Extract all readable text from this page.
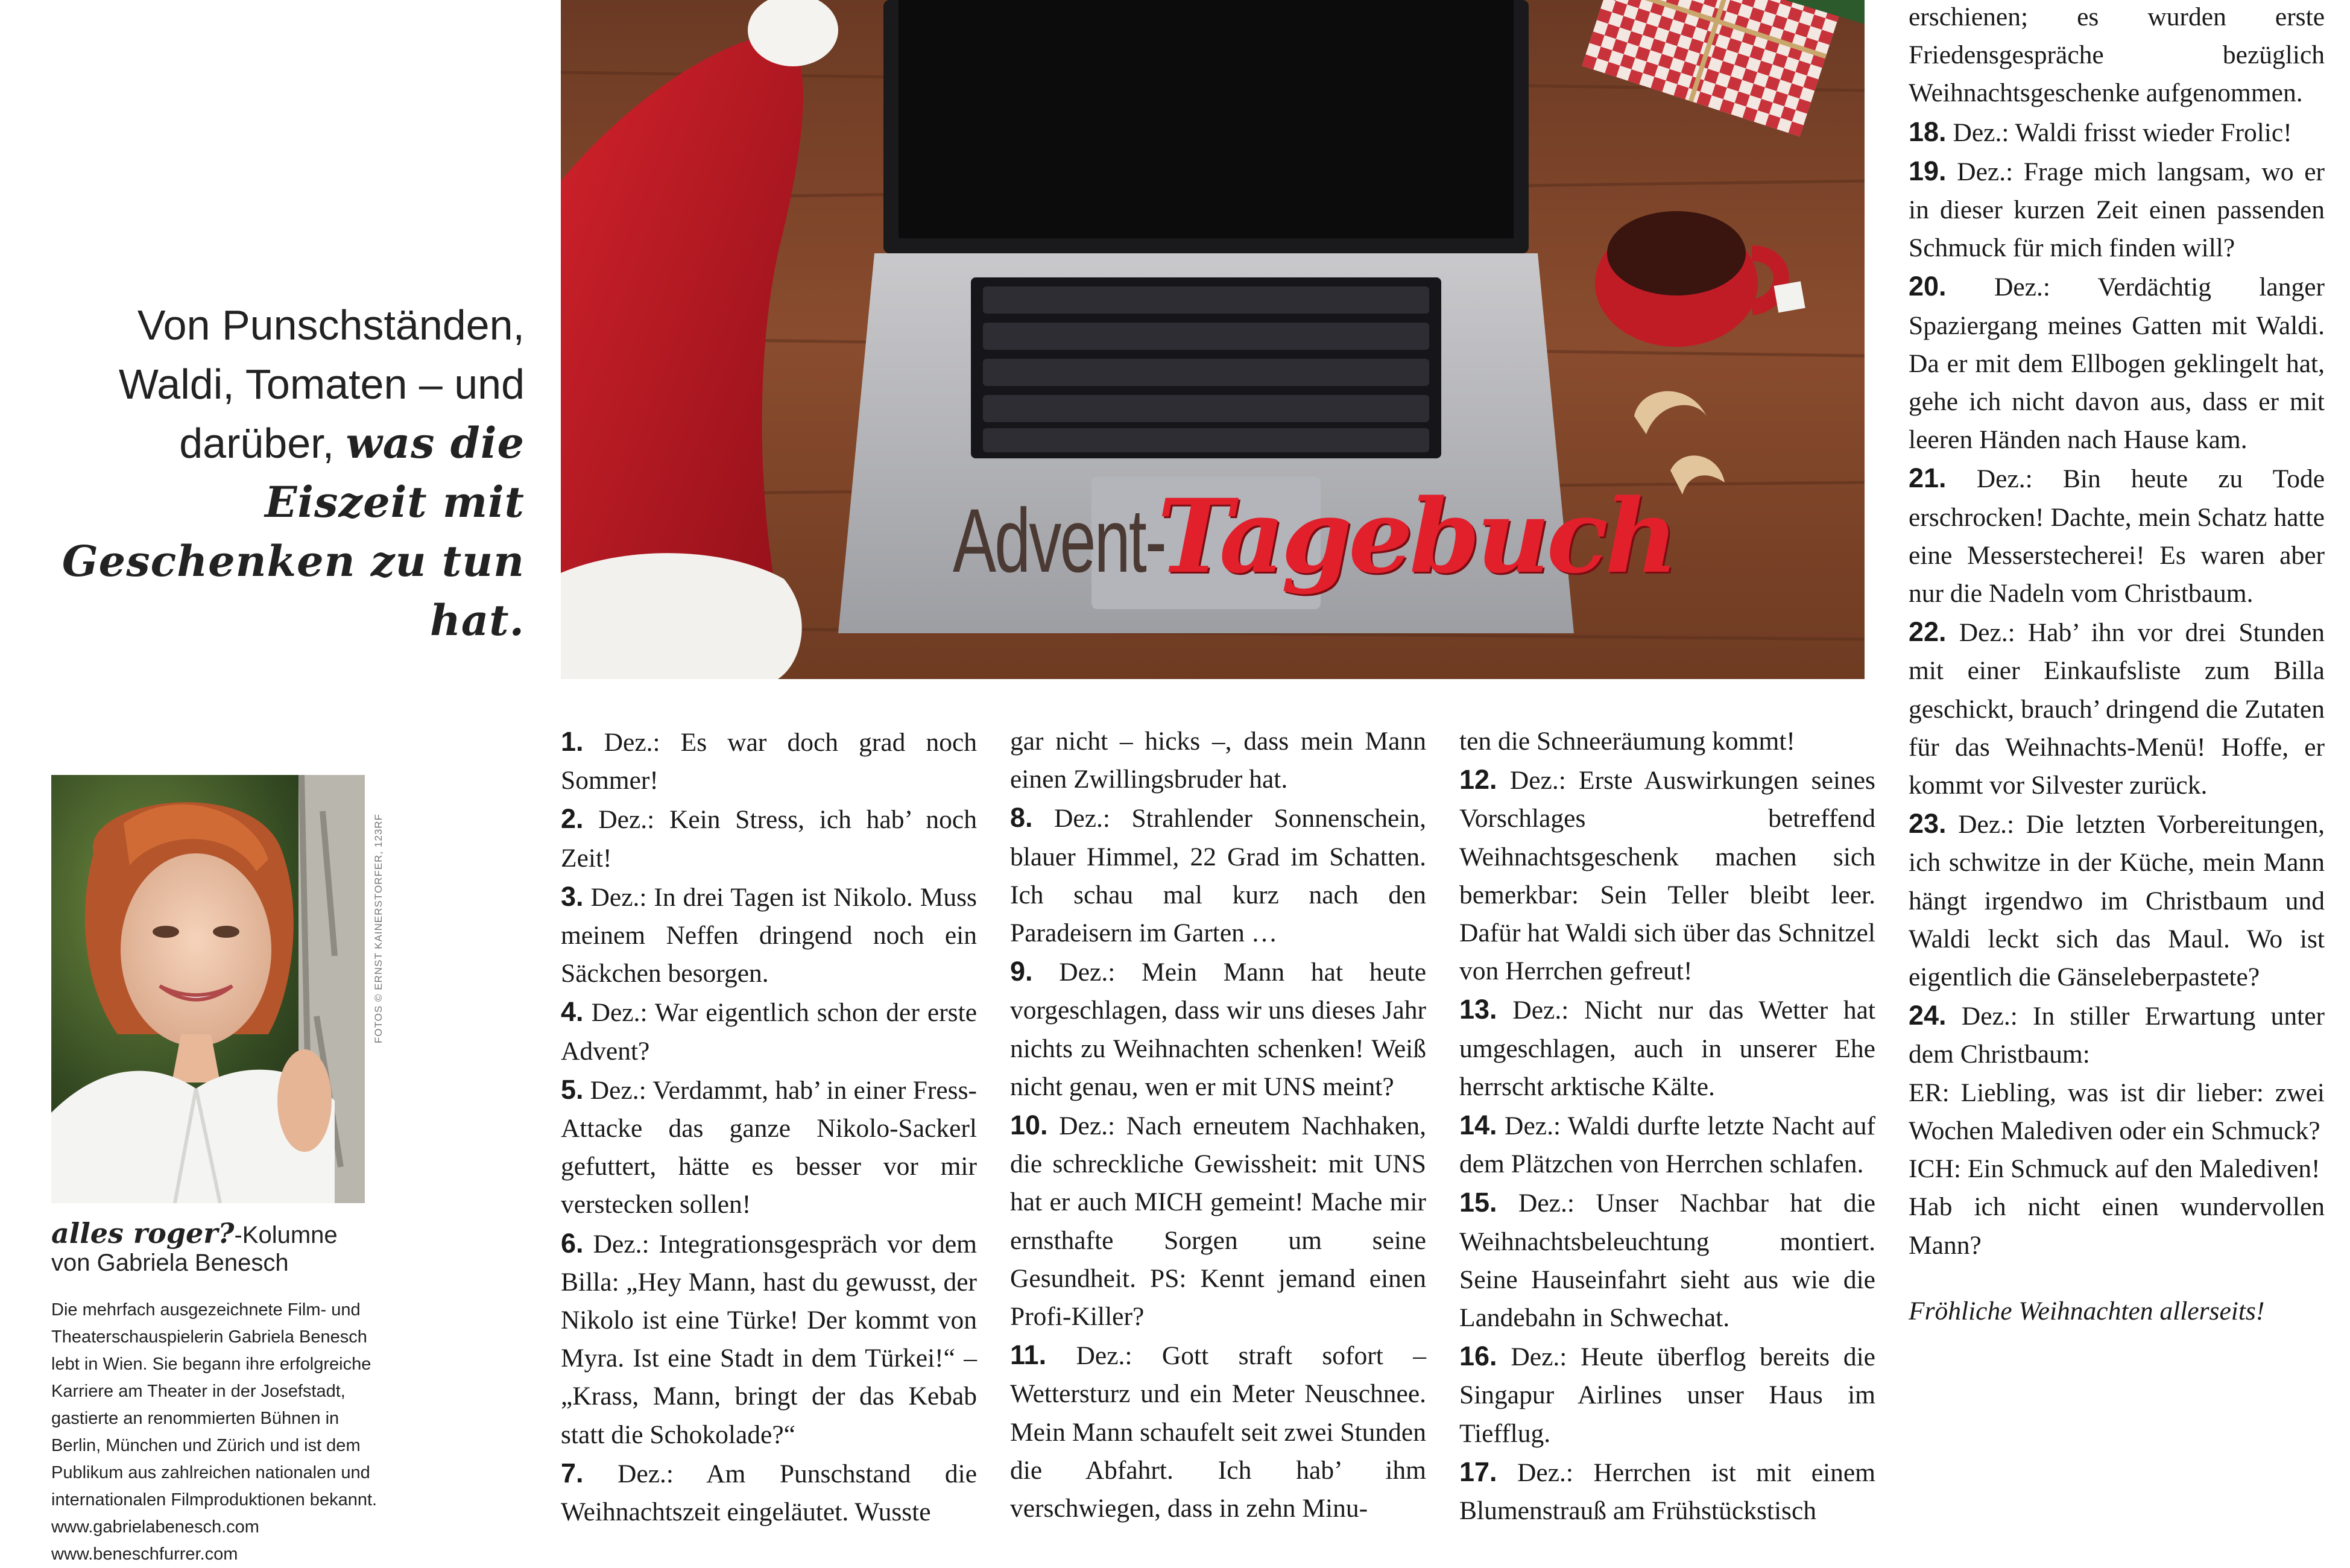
Von Punschständen, Waldi, Tomaten – und darüber, was die Eiszeit mit Geschenken zu tun hat.
FOTOS © ERNST KAINERSTORFER, 123RF
alles roger?-Kolumne
von Gabriela Benesch

Die mehrfach ausgezeichnete Film- und Theaterschauspielerin Gabriela Benesch lebt in Wien. Sie begann ihre erfolgreiche Karriere am Theater in der Josefstadt, gastierte an renommierten Bühnen in Berlin, München und Zürich und ist dem Publikum aus zahlreichen nationalen und internationalen Filmproduktionen bekannt.

www.gabrielabenesch.com

www.beneschfurrer.com

Advent-
Tagebuch

1. Dez.: Es war doch grad noch Sommer!

2. Dez.: Kein Stress, ich hab’ noch Zeit!

3. Dez.: In drei Tagen ist Nikolo. Muss meinem Neffen dringend noch ein Säckchen besorgen.

4. Dez.: War eigentlich schon der erste Advent?

5. Dez.: Verdammt, hab’ in einer Fress-Attacke das ganze Nikolo-Sackerl gefuttert, hätte es besser vor mir verstecken sollen!

6. Dez.: Integrationsgespräch vor dem Billa: „Hey Mann, hast du gewusst, der Nikolo ist eine Türke! Der kommt von Myra. Ist eine Stadt in dem Türkei!“ – „Krass, Mann, bringt der das Kebab statt die Schokolade?“

7. Dez.: Am Punschstand die Weihnachtszeit eingeläutet. Wusste

gar nicht – hicks –, dass mein Mann einen Zwillingsbruder hat.

8. Dez.: Strahlender Sonnenschein, blauer Himmel, 22 Grad im Schatten. Ich schau mal kurz nach den Paradeisern im Garten …

9. Dez.: Mein Mann hat heute vorgeschlagen, dass wir uns dieses Jahr nichts zu Weihnachten schenken! Weiß nicht genau, wen er mit UNS meint?

10. Dez.: Nach erneutem Nachhaken, die schreckliche Gewissheit: mit UNS hat er auch MICH gemeint! Mache mir ernsthafte Sorgen um seine Gesundheit. PS: Kennt jemand einen Profi-Killer?

11. Dez.: Gott straft sofort – Wettersturz und ein Meter Neuschnee. Mein Mann schaufelt seit zwei Stunden die Abfahrt. Ich hab’ ihm verschwiegen, dass in zehn Minu-

ten die Schneeräumung kommt!

12. Dez.: Erste Auswirkungen seines Vorschlages betreffend Weihnachtsgeschenk machen sich bemerkbar: Sein Teller bleibt leer. Dafür hat Waldi sich über das Schnitzel von Herrchen gefreut!

13. Dez.: Nicht nur das Wetter hat umgeschlagen, auch in unserer Ehe herrscht arktische Kälte.

14. Dez.: Waldi durfte letzte Nacht auf dem Plätzchen von Herrchen schlafen.

15. Dez.: Unser Nachbar hat die Weihnachtsbeleuchtung montiert. Seine Hauseinfahrt sieht aus wie die Landebahn in Schwechat.

16. Dez.: Heute überflog bereits die Singapur Airlines unser Haus im Tiefflug.

17. Dez.: Herrchen ist mit einem Blumenstrauß am Frühstückstisch

erschienen; es wurden erste Friedensgespräche bezüglich Weihnachtsgeschenke aufgenommen.

18. Dez.: Waldi frisst wieder Frolic!

19. Dez.: Frage mich langsam, wo er in dieser kurzen Zeit einen passenden Schmuck für mich finden will?

20. Dez.: Verdächtig langer Spaziergang meines Gatten mit Waldi. Da er mit dem Ellbogen geklingelt hat, gehe ich nicht davon aus, dass er mit leeren Händen nach Hause kam.

21. Dez.: Bin heute zu Tode erschrocken! Dachte, mein Schatz hatte eine Messerstecherei! Es waren aber nur die Nadeln vom Christbaum.

22. Dez.: Hab’ ihn vor drei Stunden mit einer Einkaufsliste zum Billa geschickt, brauch’ dringend die Zutaten für das Weihnachts-Menü! Hoffe, er kommt vor Silvester zurück.

23. Dez.: Die letzten Vorbereitungen, ich schwitze in der Küche, mein Mann hängt irgendwo im Christbaum und Waldi leckt sich das Maul. Wo ist eigentlich die Gänseleberpastete?

24. Dez.: In stiller Erwartung unter dem Christbaum:

ER: Liebling, was ist dir lieber: zwei Wochen Malediven oder ein Schmuck?

ICH: Ein Schmuck auf den Malediven!

Hab ich nicht einen wundervollen Mann?

Fröhliche Weihnachten allerseits!
